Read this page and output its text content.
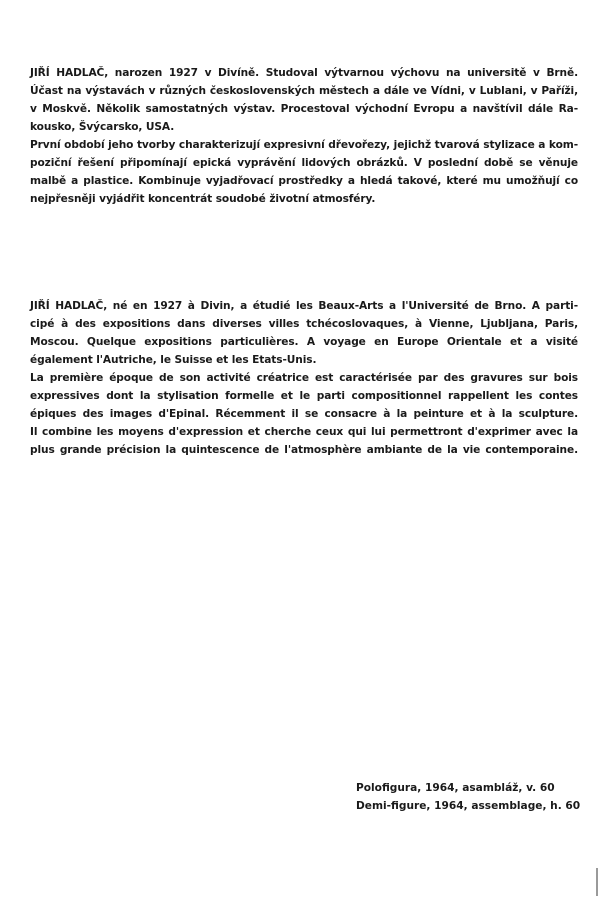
JIŘÍ HADLAČ, narozen 1927 v Divíně. Studoval výtvarnou výchovu na universitě v Brně.
Účast na výstavách v různých československých městech a dále ve Vídni, v Lublani, v Paříži,
v Moskvě. Několik samostatných výstav. Procestoval východní Evropu a navštívil dále Ra-
kousko, Švýcarsko, USA.
První období jeho tvorby charakterizují expresivní dřevořezy, jejichž tvarová stylizace a kom-
poziční řešení připomínají epická vyprávění lidových obrázků. V poslední době se věnuje
malbě a plastice. Kombinuje vyjadřovací prostředky a hledá takové, které mu umožňují co
nejpřesněji vyjádřit koncentrát soudobé životní atmosféry.
JIŘÍ HADLAČ, né en 1927 à Divin, a étudié les Beaux-Arts a l'Université de Brno. A parti-
cipé à des expositions dans diverses villes tchécoslovaques, à Vienne, Ljubljana, Paris,
Moscou. Quelque expositions particulières. A voyage en Europe Orientale et a visité
également l'Autriche, le Suisse et les Etats-Unis.
La première époque de son activité créatrice est caractérisée par des gravures sur bois
expressives dont la stylisation formelle et le parti compositionnel rappellent les contes
épiques des images d'Epinal. Récemment il se consacre à la peinture et à la sculpture.
Il combine les moyens d'expression et cherche ceux qui lui permettront d'exprimer avec la
plus grande précision la quintescence de l'atmosphère ambiante de la vie contemporaine.
Polofigura, 1964, asambláž, v. 60
Demi-figure, 1964, assemblage, h. 60
